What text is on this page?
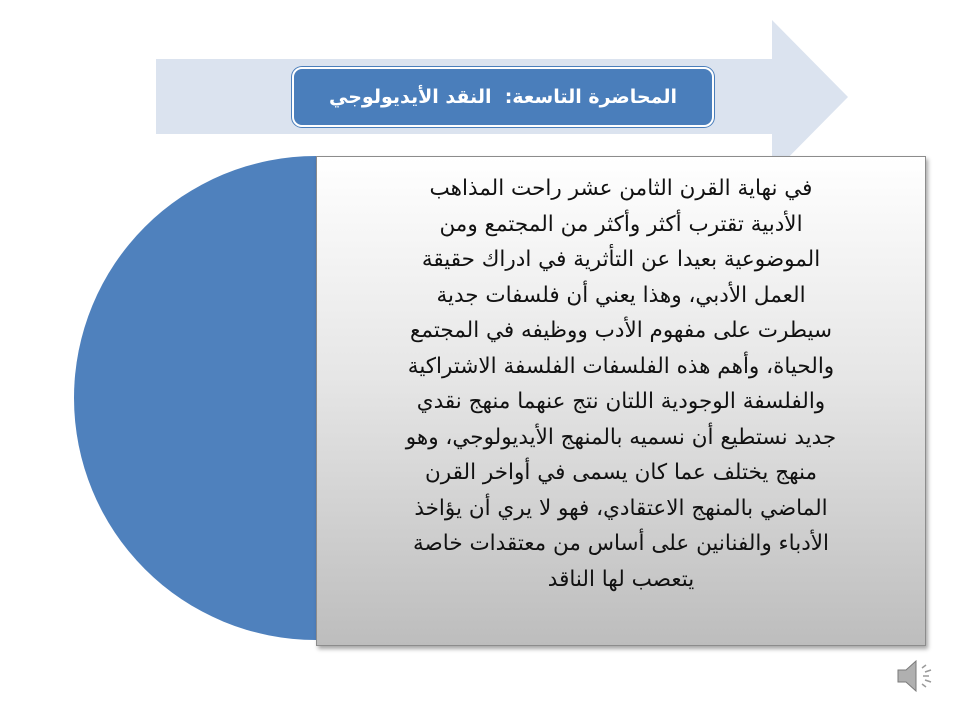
المحاضرة التاسعة:  النقد الأيديولوجي

في نهاية القرن الثامن عشر راحت المذاهب
الأدبية تقترب أكثر وأكثر من المجتمع ومن
الموضوعية بعيدا عن التأثرية في ادراك حقيقة
العمل الأدبي، وهذا يعني أن فلسفات جدية
سيطرت على مفهوم الأدب ووظيفه في المجتمع
والحياة، وأهم هذه الفلسفات الفلسفة الاشتراكية
والفلسفة الوجودية اللتان نتج عنهما منهج نقدي
جديد نستطيع أن نسميه بالمنهج الأيديولوجي، وهو
منهج يختلف عما كان يسمى في أواخر القرن
الماضي بالمنهج الاعتقادي، فهو لا يري أن يؤاخذ
الأدباء والفنانين على أساس من معتقدات خاصة
يتعصب لها الناقد
